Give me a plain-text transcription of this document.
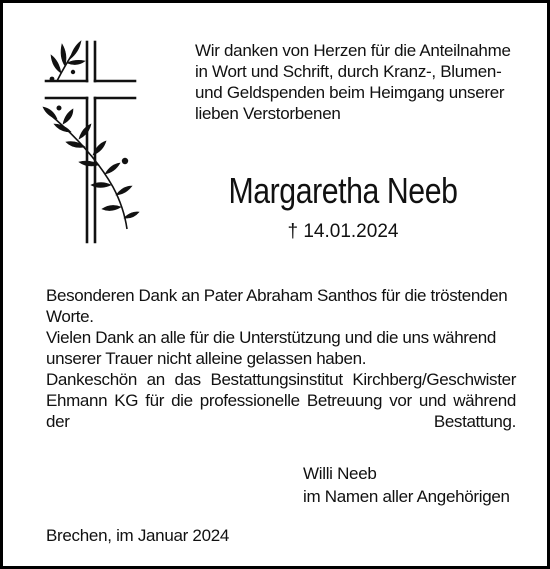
Wir danken von Herzen für die Anteilnahme
in Wort und Schrift, durch Kranz-, Blumen-
und Geldspenden beim Heimgang unserer
lieben Verstorbenen
Margaretha Neeb
† 14.01.2024
Besonderen Dank an Pater Abraham Santhos für die tröstenden Worte.
Vielen Dank an alle für die Unterstützung und die uns während unserer Trauer nicht alleine gelassen haben.
Dankeschön an das Bestattungsinstitut Kirchberg/Geschwister Ehmann KG für die professionelle Betreuung vor und während der Bestattung.
Willi Neeb
im Namen aller Angehörigen
Brechen, im Januar 2024
